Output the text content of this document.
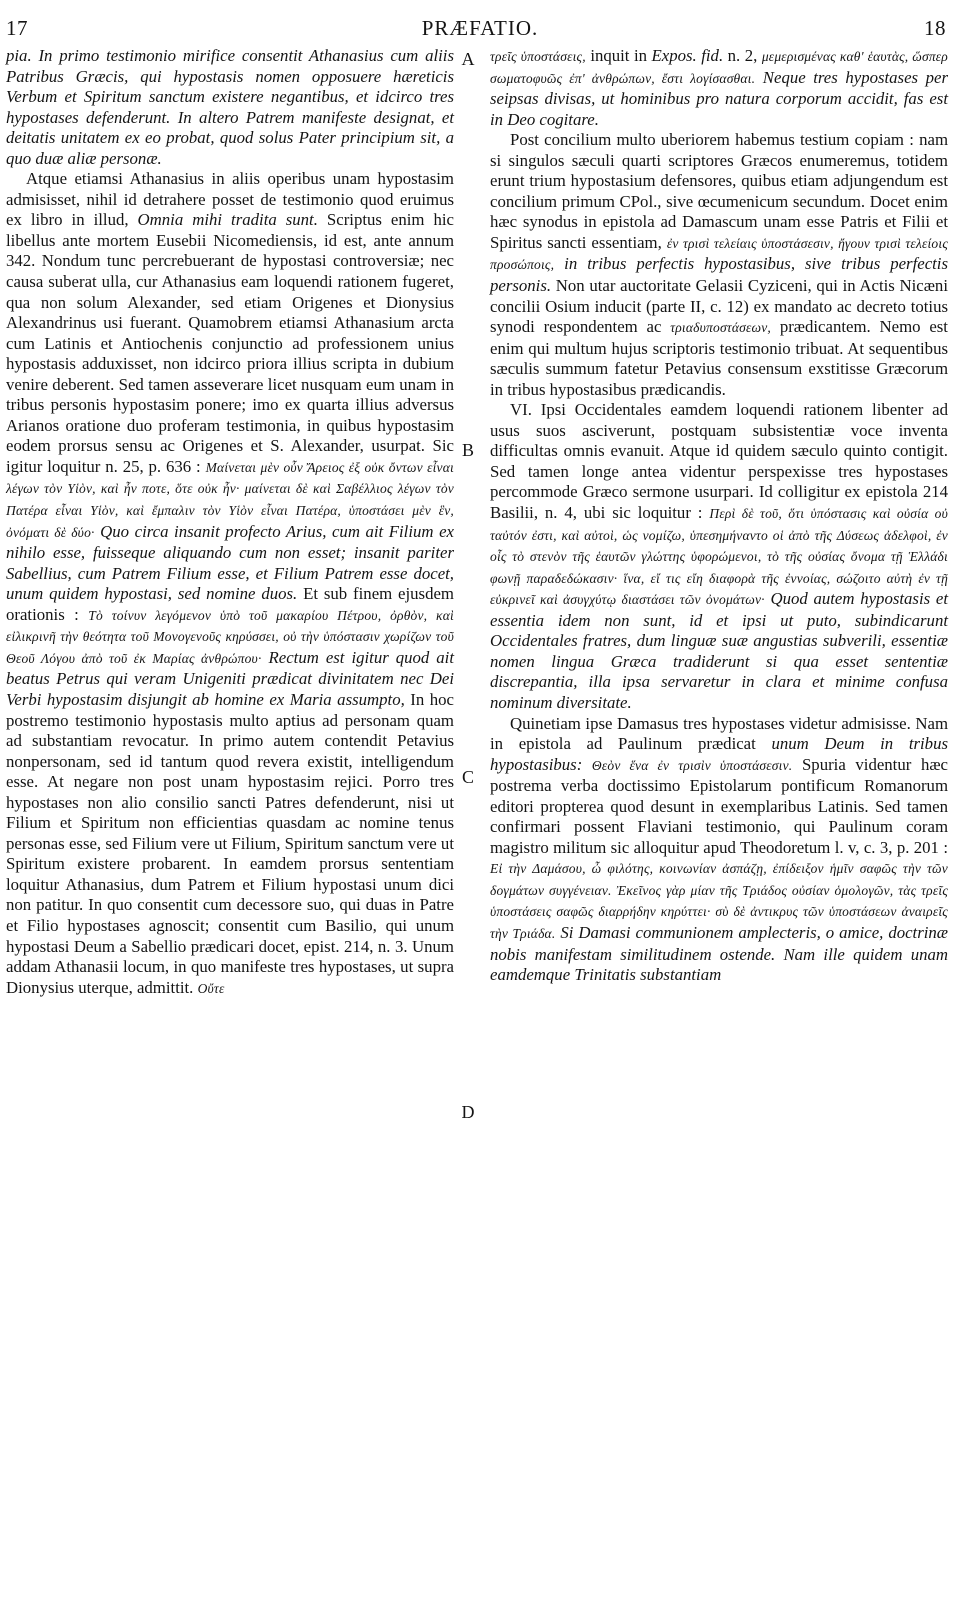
17	PRÆFATIO.	18
A
B
C
D

pia. In primo testimonio mirifice consentit Athanasius cum aliis Patribus Græcis, qui hypostasis nomen opposuere hæreticis Verbum et Spiritum sanctum existere negantibus, et idcirco tres hypostases defenderunt. In altero Patrem manifeste designat, et deitatis unitatem ex eo probat, quod solus Pater principium sit, a quo duæ aliæ personæ.

Atque etiamsi Athanasius in aliis operibus unam hypostasim admisisset, nihil id detrahere posset de testimonio quod eruimus ex libro in illud, Omnia mihi tradita sunt. Scriptus enim hic libellus ante mortem Eusebii Nicomediensis, id est, ante annum 342. Nondum tunc percrebuerant de hypostasi controversiæ; nec causa suberat ulla, cur Athanasius eam loquendi rationem fugeret, qua non solum Alexander, sed etiam Origenes et Dionysius Alexandrinus usi fuerant. Quamobrem etiamsi Athanasium arcta cum Latinis et Antiochenis conjunctio ad professionem unius hypostasis adduxisset, non idcirco priora illius scripta in dubium venire deberent. Sed tamen asseverare licet nusquam eum unam in tribus personis hypostasim ponere; imo ex quarta illius adversus Arianos oratione duo proferam testimonia, in quibus hypostasim eodem prorsus sensu ac Origenes et S. Alexander, usurpat. Sic igitur loquitur n. 25, p. 636 : Μαίνεται μὲν οὖν Ἄρειος ἐξ οὐκ ὄντων εἶναι λέγων τὸν Υἱὸν, καὶ ἦν ποτε, ὅτε οὐκ ἦν· μαίνεται δὲ καὶ Σαβέλλιος λέγων τὸν Πατέρα εἶναι Υἱὸν, καὶ ἔμπαλιν τὸν Υἱὸν εἶναι Πατέρα, ὑποστάσει μὲν ἓν, ὀνόματι δὲ δύο· Quo circa insanit profecto Arius, cum ait Filium ex nihilo esse, fuisseque aliquando cum non esset; insanit pariter Sabellius, cum Patrem Filium esse, et Filium Patrem esse docet, unum quidem hypostasi, sed nomine duos. Et sub finem ejusdem orationis : Τὸ τοίνυν λεγόμενον ὑπὸ τοῦ μακαρίου Πέτρου, ὀρθὸν, καὶ εἰλικρινῆ τὴν θεότητα τοῦ Μονογενοῦς κηρύσσει, οὐ τὴν ὑπόστασιν χωρίζων τοῦ Θεοῦ Λόγου ἀπὸ τοῦ ἐκ Μαρίας ἀνθρώπου· Rectum est igitur quod ait beatus Petrus qui veram Unigeniti prædicat divinitatem nec Dei Verbi hypostasim disjungit ab homine ex Maria assumpto, In hoc postremo testimonio hypostasis multo aptius ad personam quam ad substantiam revocatur. In primo autem contendit Petavius nonpersonam, sed id tantum quod revera existit, intelligendum esse. At negare non post unam hypostasim rejici. Porro tres hypostases non alio consilio sancti Patres defenderunt, nisi ut Filium et Spiritum non efficientias quasdam ac nomine tenus personas esse, sed Filium vere ut Filium, Spiritum sanctum vere ut Spiritum existere probarent. In eamdem prorsus sententiam loquitur Athanasius, dum Patrem et Filium hypostasi unum dici non patitur. In quo consentit cum decessore suo, qui duas in Patre et Filio hypostases agnoscit; consentit cum Basilio, qui unum hypostasi Deum a Sabellio prædicari docet, epist. 214, n. 3. Unum addam Athanasii locum, in quo manifeste tres hypostases, ut supra Dionysius uterque, admittit. Οὔτε

τρεῖς ὑποστάσεις, inquit in Expos. fid. n. 2, μεμερισμένας καθ' ἑαυτὰς, ὥσπερ σωματοφυῶς ἐπ' ἀνθρώπων, ἔστι λογίσασθαι. Neque tres hypostases per seipsas divisas, ut hominibus pro natura corporum accidit, fas est in Deo cogitare.

Post concilium multo uberiorem habemus testium copiam : nam si singulos sæculi quarti scriptores Græcos enumeremus, totidem erunt trium hypostasium defensores, quibus etiam adjungendum est concilium primum CPol., sive œcumenicum secundum. Docet enim hæc synodus in epistola ad Damascum unam esse Patris et Filii et Spiritus sancti essentiam, ἐν τρισὶ τελείαις ὑποστάσεσιν, ἤγουν τρισὶ τελείοις προσώποις, in tribus perfectis hypostasibus, sive tribus perfectis personis. Non utar auctoritate Gelasii Cyziceni, qui in Actis Nicæni concilii Osium inducit (parte II, c. 12) ex mandato ac decreto totius synodi respondentem ac τριαδυποστάσεων, prædicantem. Nemo est enim qui multum hujus scriptoris testimonio tribuat. At sequentibus sæculis summum fatetur Petavius consensum exstitisse Græcorum in tribus hypostasibus prædicandis.

VI. Ipsi Occidentales eamdem loquendi rationem libenter ad usus suos asciverunt, postquam subsistentiæ voce inventa difficultas omnis evanuit. Atque id quidem sæculo quinto contigit. Sed tamen longe antea videntur perspexisse tres hypostases percommode Græco sermone usurpari. Id colligitur ex epistola 214 Basilii, n. 4, ubi sic loquitur : Περὶ δὲ τοῦ, ὅτι ὑπόστασις καὶ οὐσία οὐ ταὐτόν ἐστι, καὶ αὐτοὶ, ὡς νομίζω, ὑπεσημήναντο οἱ ἀπὸ τῆς Δύσεως ἀδελφοὶ, ἐν οἷς τὸ στενὸν τῆς ἑαυτῶν γλώττης ὑφορώμενοι, τὸ τῆς οὐσίας ὄνομα τῇ Ἑλλάδι φωνῇ παραδεδώκασιν· ἵνα, εἴ τις εἴη διαφορὰ τῆς ἐννοίας, σώζοιτο αὐτὴ ἐν τῇ εὐκρινεῖ καὶ ἀσυγχύτῳ διαστάσει τῶν ὀνομάτων· Quod autem hypostasis et essentia idem non sunt, id et ipsi ut puto, subindicarunt Occidentales fratres, dum linguæ suæ angustias subverili, essentiæ nomen lingua Græca tradiderunt si qua esset sententiæ discrepantia, illa ipsa servaretur in clara et minime confusa nominum diversitate.

Quinetiam ipse Damasus tres hypostases videtur admisisse. Nam in epistola ad Paulinum prædicat unum Deum in tribus hypostasibus: Θεὸν ἕνα ἐν τρισὶν ὑποστάσεσιν. Spuria videntur hæc postrema verba doctissimo Epistolarum pontificum Romanorum editori propterea quod desunt in exemplaribus Latinis. Sed tamen confirmari possent Flaviani testimonio, qui Paulinum coram magistro militum sic alloquitur apud Theodoretum l. v, c. 3, p. 201 : Εἰ τὴν Δαμάσου, ὦ φιλότης, κοινωνίαν ἀσπάζῃ, ἐπίδειξον ἡμῖν σαφῶς τὴν τῶν δογμάτων συγγένειαν. Ἐκεῖνος γὰρ μίαν τῆς Τριάδος οὐσίαν ὁμολογῶν, τὰς τρεῖς ὑποστάσεις σαφῶς διαρρήδην κηρύττει· σὺ δὲ ἀντικρυς τῶν ὑποστάσεων ἀναιρεῖς τὴν Τριάδα. Si Damasi communionem amplecteris, o amice, doctrinæ nobis manifestam similitudinem ostende. Nam ille quidem unam eamdemque Trinitatis substantiam
